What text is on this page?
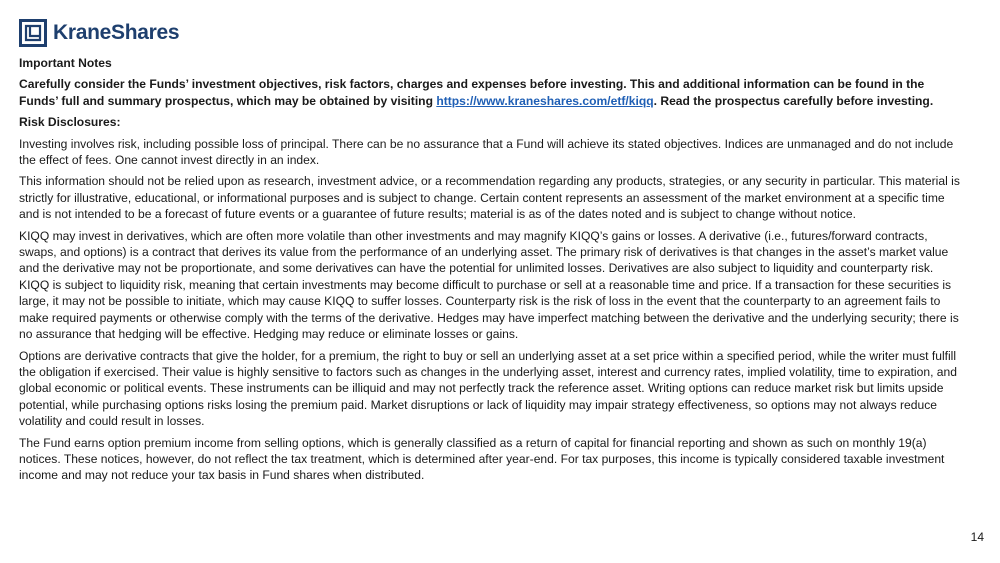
KraneShares
Important Notes
Carefully consider the Funds’ investment objectives, risk factors, charges and expenses before investing. This and additional information can be found in the Funds’ full and summary prospectus, which may be obtained by visiting https://www.kraneshares.com/etf/kiqq. Read the prospectus carefully before investing.
Risk Disclosures:

Investing involves risk, including possible loss of principal. There can be no assurance that a Fund will achieve its stated objectives. Indices are unmanaged and do not include the effect of fees. One cannot invest directly in an index.

This information should not be relied upon as research, investment advice, or a recommendation regarding any products, strategies, or any security in particular. This material is strictly for illustrative, educational, or informational purposes and is subject to change. Certain content represents an assessment of the market environment at a specific time and is not intended to be a forecast of future events or a guarantee of future results; material is as of the dates noted and is subject to change without notice.

KIQQ may invest in derivatives, which are often more volatile than other investments and may magnify KIQQ’s gains or losses. A derivative (i.e., futures/forward contracts, swaps, and options) is a contract that derives its value from the performance of an underlying asset. The primary risk of derivatives is that changes in the asset’s market value and the derivative may not be proportionate, and some derivatives can have the potential for unlimited losses. Derivatives are also subject to liquidity and counterparty risk. KIQQ is subject to liquidity risk, meaning that certain investments may become difficult to purchase or sell at a reasonable time and price. If a transaction for these securities is large, it may not be possible to initiate, which may cause KIQQ to suffer losses. Counterparty risk is the risk of loss in the event that the counterparty to an agreement fails to make required payments or otherwise comply with the terms of the derivative. Hedges may have imperfect matching between the derivative and the underlying security; there is no assurance that hedging will be effective. Hedging may reduce or eliminate losses or gains.

Options are derivative contracts that give the holder, for a premium, the right to buy or sell an underlying asset at a set price within a specified period, while the writer must fulfill the obligation if exercised. Their value is highly sensitive to factors such as changes in the underlying asset, interest and currency rates, implied volatility, time to expiration, and global economic or political events. These instruments can be illiquid and may not perfectly track the reference asset. Writing options can reduce market risk but limits upside potential, while purchasing options risks losing the premium paid. Market disruptions or lack of liquidity may impair strategy effectiveness, so options may not always reduce volatility and could result in losses.

The Fund earns option premium income from selling options, which is generally classified as a return of capital for financial reporting and shown as such on monthly 19(a) notices. These notices, however, do not reflect the tax treatment, which is determined after year-end. For tax purposes, this income is typically considered taxable investment income and may not reduce your tax basis in Fund shares when distributed.

14
